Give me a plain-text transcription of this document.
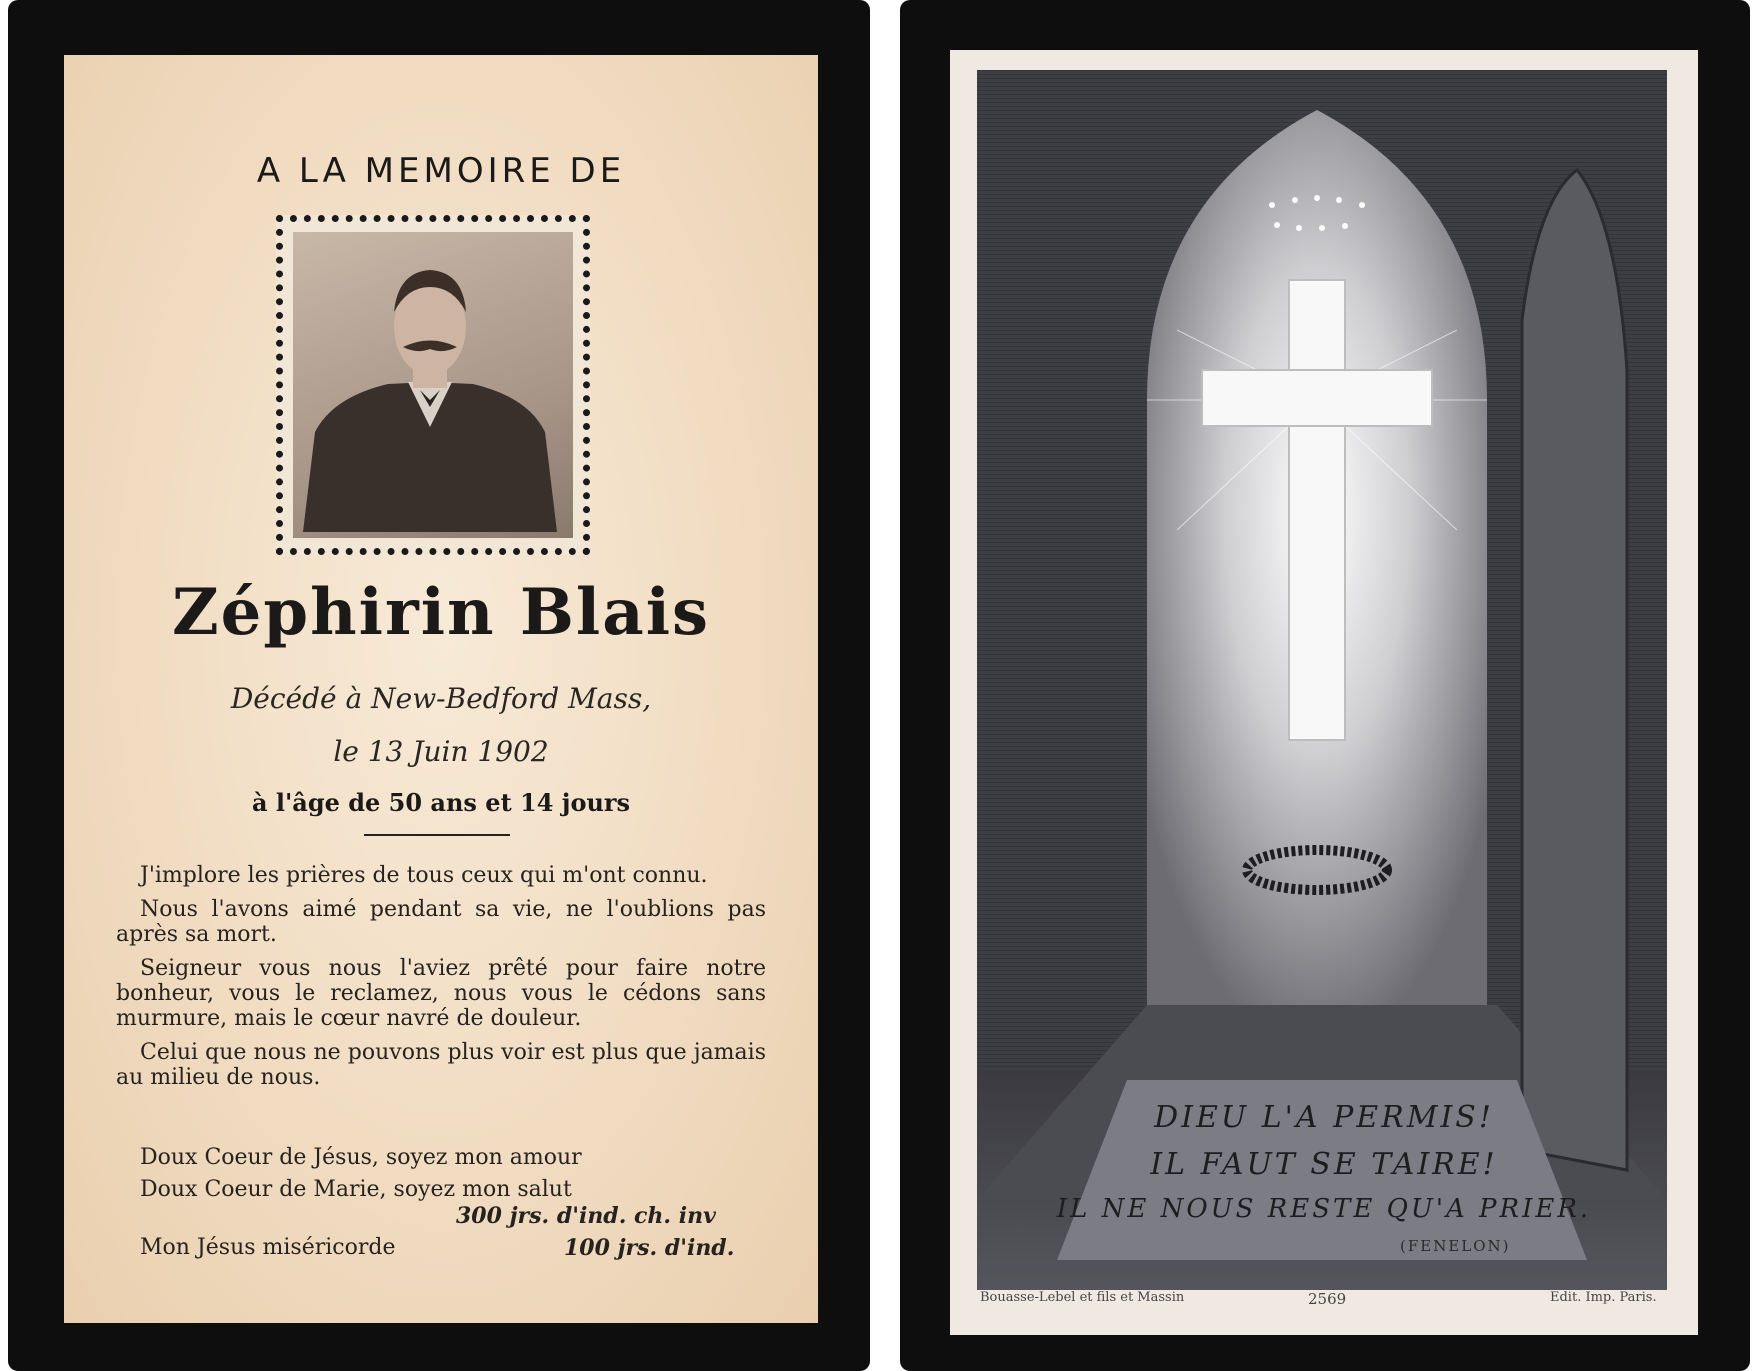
A LA MEMOIRE DE
Zéphirin Blais
Décédé à New-Bedford Mass,
le 13 Juin 1902
à l'âge de 50 ans et 14 jours

J'implore les prières de tous ceux qui m'ont connu.

Nous l'avons aimé pendant sa vie, ne l'oublions pas après sa mort.

Seigneur vous nous l'aviez prêté pour faire notre bonheur, vous le reclamez, nous vous le cédons sans murmure, mais le cœur navré de douleur.

Celui que nous ne pouvons plus voir est plus que jamais au milieu de nous.

Doux Coeur de Jésus, soyez mon amour
Doux Coeur de Marie, soyez mon salut
300 jrs. d'ind. ch. inv
Mon Jésus miséricorde	100 jrs. d'ind.
DIEU L'A PERMIS!
IL FAUT SE TAIRE!
IL NE NOUS RESTE QU'A PRIER.
(FENELON)
Bouasse-Lebel et fils et Massin	2569	Edit. Imp. Paris.
